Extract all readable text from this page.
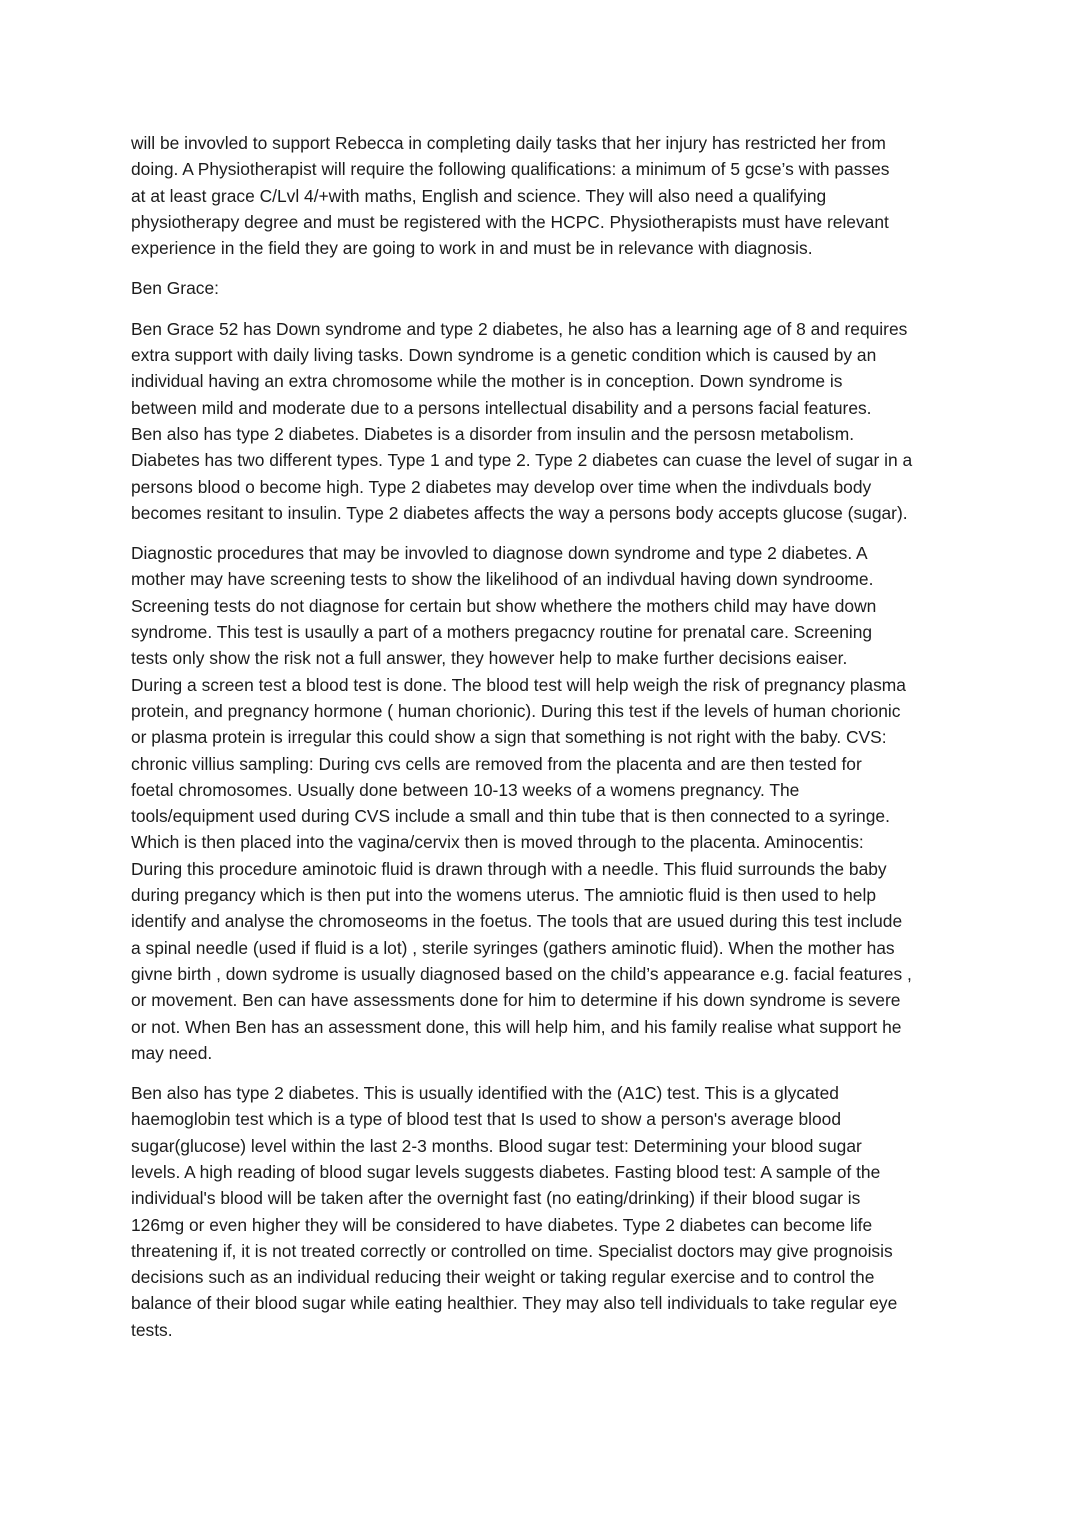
will be invovled to support Rebecca in completing daily tasks that her injury has restricted her from
doing. A Physiotherapist will require the following qualifications: a minimum of 5 gcse’s with passes
at at least grace C/Lvl 4/+with maths, English and science. They will also need a qualifying
physiotherapy degree and must be registered with the HCPC. Physiotherapists must have relevant
experience in the field they are going to work in and must be in relevance with diagnosis.

Ben Grace:

Ben Grace 52 has Down syndrome and type 2 diabetes, he also has a learning age of 8 and requires
extra support with daily living tasks. Down syndrome is a genetic condition which is caused by an
individual having an extra chromosome while the mother is in conception. Down syndrome is
between mild and moderate due to a persons intellectual disability and a persons facial features.
Ben also has type 2 diabetes. Diabetes is a disorder from insulin and the persosn metabolism.
Diabetes has two different types. Type 1 and type 2. Type 2 diabetes can cuase the level of sugar in a
persons blood o become high. Type 2 diabetes may develop over time when the indivduals body
becomes resitant to insulin. Type 2 diabetes affects the way a persons body accepts glucose (sugar).

Diagnostic procedures that may be invovled to diagnose down syndrome and type 2 diabetes. A
mother may have screening tests to show the likelihood of an indivdual having down syndroome.
Screening tests do not diagnose for certain but show whethere the mothers child may have down
syndrome. This test is usaully a part of a mothers pregacncy routine for prenatal care. Screening
tests only show the risk not a full answer, they however help to make further decisions eaiser.
During a screen test a blood test is done. The blood test will help weigh the risk of pregnancy plasma
protein, and pregnancy hormone ( human chorionic). During this test if the levels of human chorionic
or plasma protein is irregular this could show a sign that something is not right with the baby. CVS:
chronic villius sampling: During cvs cells are removed from the placenta and are then tested for
foetal chromosomes. Usually done between 10-13 weeks of a womens pregnancy. The
tools/equipment used during CVS include a small and thin tube that is then connected to a syringe.
Which is then placed into the vagina/cervix then is moved through to the placenta. Aminocentis:
During this procedure aminotoic fluid is drawn through with a needle. This fluid surrounds the baby
during pregancy which is then put into the womens uterus. The amniotic fluid is then used to help
identify and analyse the chromoseoms in the foetus. The tools that are usued during this test include
a spinal needle (used if fluid is a lot) , sterile syringes (gathers aminotic fluid). When the mother has
givne birth , down sydrome is usually diagnosed based on the child’s appearance e.g. facial features ,
or movement. Ben can have assessments done for him to determine if his down syndrome is severe
or not. When Ben has an assessment done, this will help him, and his family realise what support he
may need.

Ben also has type 2 diabetes. This is usually identified with the (A1C) test. This is a glycated
haemoglobin test which is a type of blood test that Is used to show a person's average blood
sugar(glucose) level within the last 2-3 months. Blood sugar test: Determining your blood sugar
levels. A high reading of blood sugar levels suggests diabetes. Fasting blood test: A sample of the
individual's blood will be taken after the overnight fast (no eating/drinking) if their blood sugar is
126mg or even higher they will be considered to have diabetes. Type 2 diabetes can become life
threatening if, it is not treated correctly or controlled on time. Specialist doctors may give prognoisis
decisions such as an individual reducing their weight or taking regular exercise and to control the
balance of their blood sugar while eating healthier. They may also tell individuals to take regular eye
tests.
